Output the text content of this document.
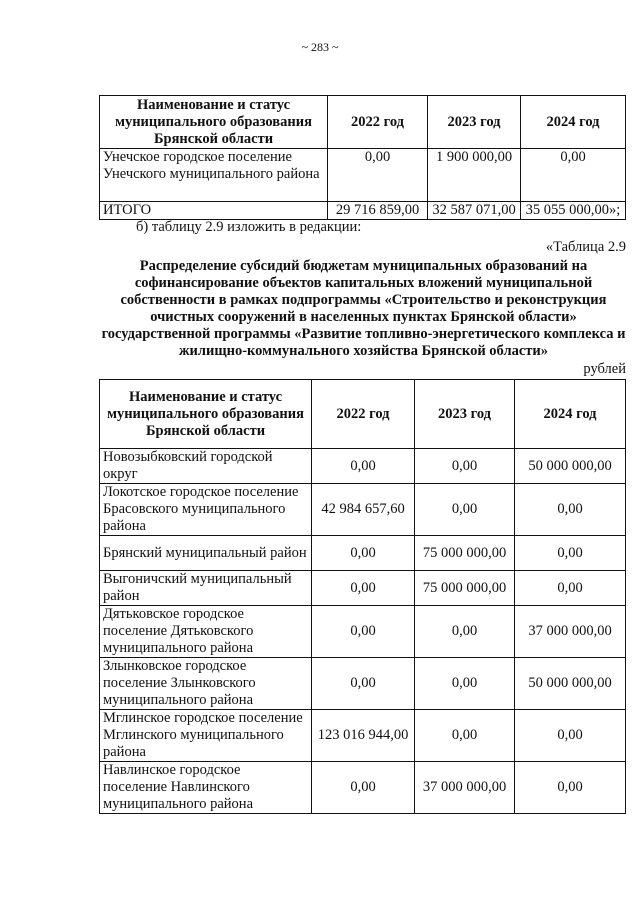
~ 283 ~
Наименование и статус муниципального образования Брянской области	2022 год	2023 год	2024 год
Унечское городское поселение Унечского муниципального района	0,00	1 900 000,00	0,00
ИТОГО	29 716 859,00	32 587 071,00	35 055 000,00»;
б) таблицу 2.9 изложить в редакции:
«Таблица 2.9
Распределение субсидий бюджетам муниципальных образований на софинансирование объектов капитальных вложений муниципальной собственности в рамках подпрограммы «Строительство и реконструкция очистных сооружений в населенных пунктах Брянской области» государственной программы «Развитие топливно-энергетического комплекса и жилищно-коммунального хозяйства Брянской области»
рублей
Наименование и статус муниципального образования Брянской области	2022 год	2023 год	2024 год
Новозыбковский городской округ	0,00	0,00	50 000 000,00
Локотское городское поселение Брасовского муниципального района	42 984 657,60	0,00	0,00
Брянский муниципальный район	0,00	75 000 000,00	0,00
Выгоничский муниципальный район	0,00	75 000 000,00	0,00
Дятьковское городское поселение Дятьковского муниципального района	0,00	0,00	37 000 000,00
Злынковское городское поселение Злынковского муниципального района	0,00	0,00	50 000 000,00
Мглинское городское поселение Мглинского муниципального района	123 016 944,00	0,00	0,00
Навлинское городское поселение Навлинского муниципального района	0,00	37 000 000,00	0,00
